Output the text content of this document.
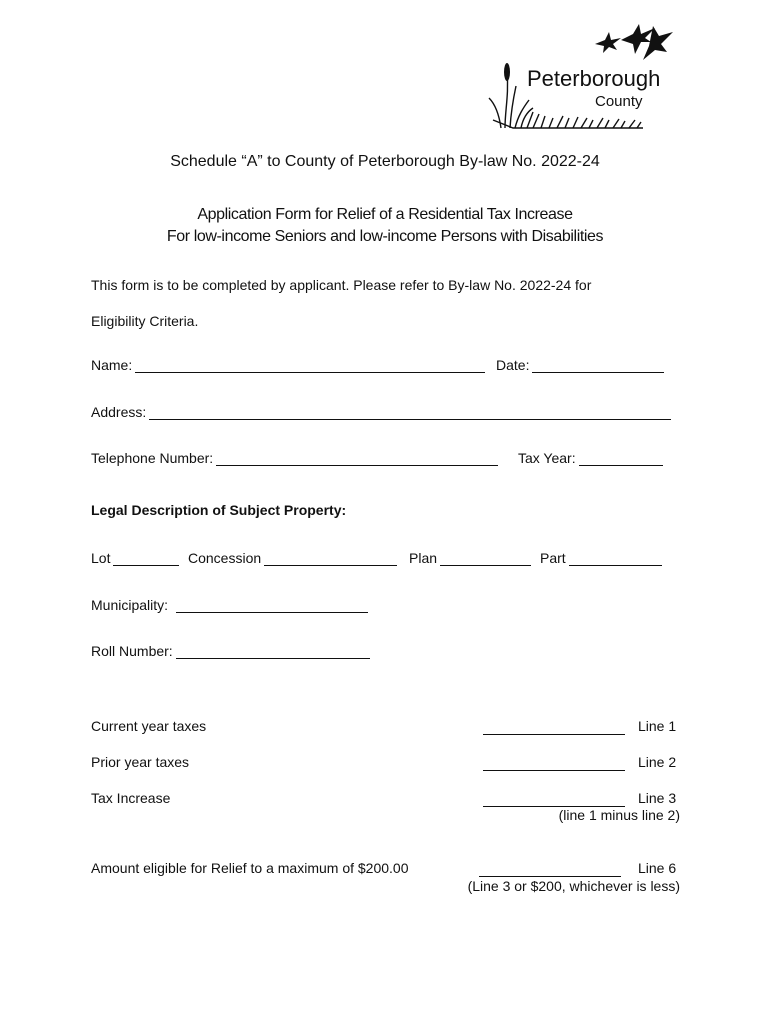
Peterborough
County
Schedule “A” to County of Peterborough By-law No. 2022-24
Application Form for Relief of a Residential Tax Increase
For low-income Seniors and low-income Persons with Disabilities
This form is to be completed by applicant. Please refer to By-law No. 2022-24 for
Eligibility Criteria.
Name:	Date:
Address:
Telephone Number:	Tax Year:
Legal Description of Subject Property:
Lot	Concession	Plan	Part
Municipality:
Roll Number:
Current year taxes	Line 1
Prior year taxes	Line 2
Tax Increase	Line 3
(line 1 minus line 2)
Amount eligible for Relief to a maximum of $200.00	Line 6
(Line 3 or $200, whichever is less)
